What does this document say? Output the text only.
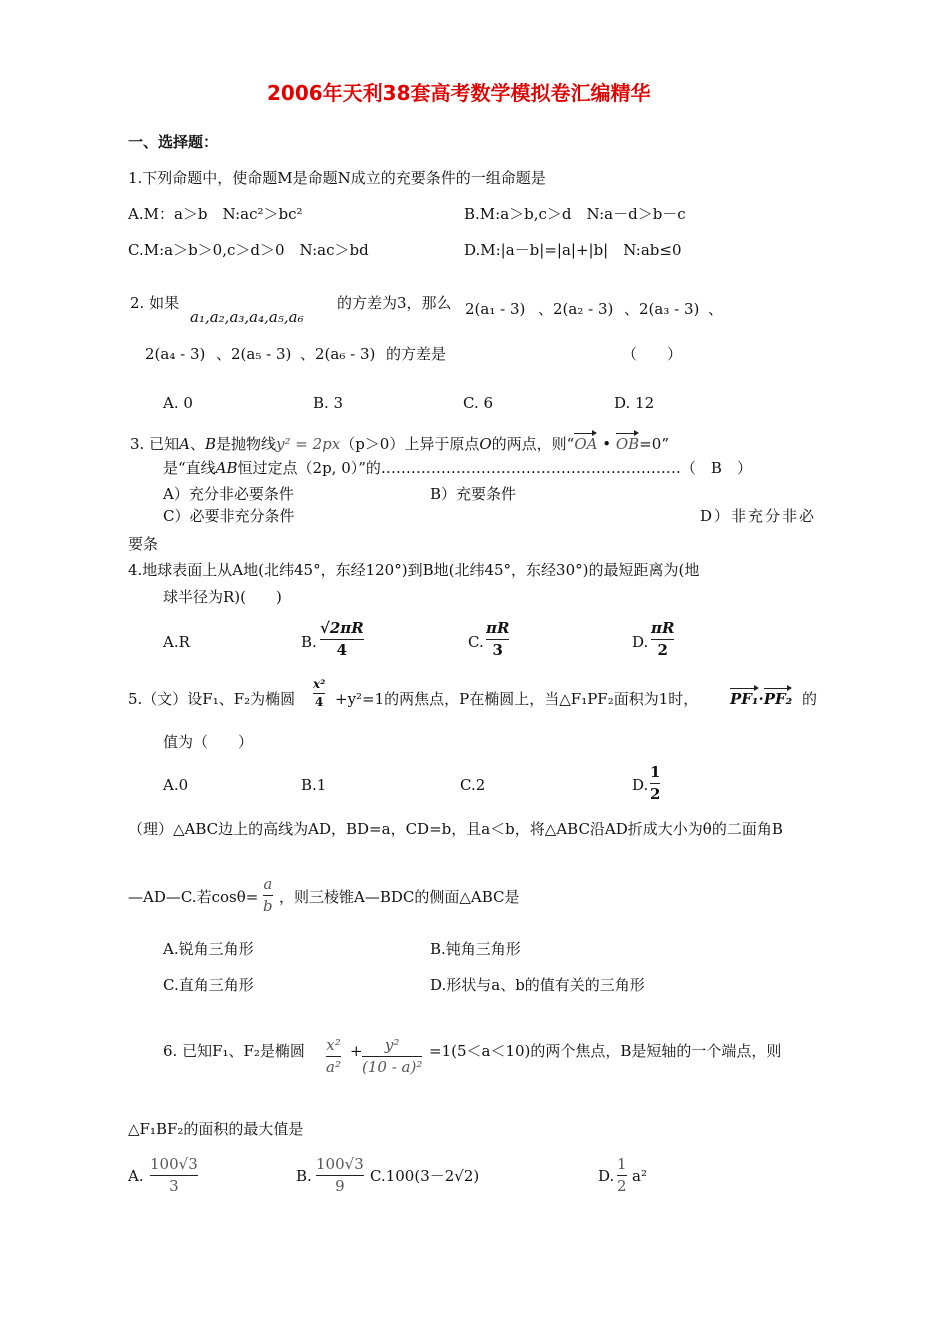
2006年天利38套高考数学模拟卷汇编精华
一、选择题：
1.下列命题中，使命题M是命题N成立的充要条件的一组命题是
A.M：a＞b　N:ac²＞bc²	B.M:a＞b,c＞d　N:a－d＞b－c
C.M:a＞b＞0,c＞d＞0　N:ac＞bd	D.M:|a－b|=|a|+|b|　N:ab≤0
2. 如果
a₁,a₂,a₃,a₄,a₅,a₆
的方差为3，那么 2(a₁ - 3) 、 2(a₂ - 3) 、 2(a₃ - 3) 、
2(a₄ - 3) 、 2(a₅ - 3) 、 2(a₆ - 3) 的方差是	（　　）
A. 0	B. 3	C. 6	D. 12
3. 已知A、B是抛物线y² = 2px（p＞0）上异于原点O的两点，则“OA • OB=0”
是“直线AB恒过定点（2p, 0）”的……………………………………………………（　B　）
A）充分非必要条件	B）充要条件
C）必要非充分条件	D）非充分非必
要条
4.地球表面上从A地(北纬45°，东经120°)到B地(北纬45°，东经30°)的最短距离为(地
球半径为R)(　　)
A.R	B.
√2πR
4	C.
πR
3	D.
πR
2
5.（文）设F₁、F₂为椭圆
x²
4 +y²=1的两焦点，P在椭圆上，当△F₁PF₂面积为1时， PF₁·PF₂ 的
值为（　　）
A.0	B.1	C.2	D.
1
2
（理）△ABC边上的高线为AD，BD=a，CD=b，且a＜b，将△ABC沿AD折成大小为θ的二面角B
—AD—C.若cosθ=
a
b ，则三棱锥A—BDC的侧面△ABC是
A.锐角三角形	B.钝角三角形
C.直角三角形	D.形状与a、b的值有关的三角形
6. 已知F₁、F₂是椭圆 x²
a²
+ y²
(10 - a)²
=1(5＜a＜10)的两个焦点，B是短轴的一个端点，则
△F₁BF₂的面积的最大值是
A.
100√3
3
B.
100√3
9
C.100(3－2√2)	D.
1
2
a²
